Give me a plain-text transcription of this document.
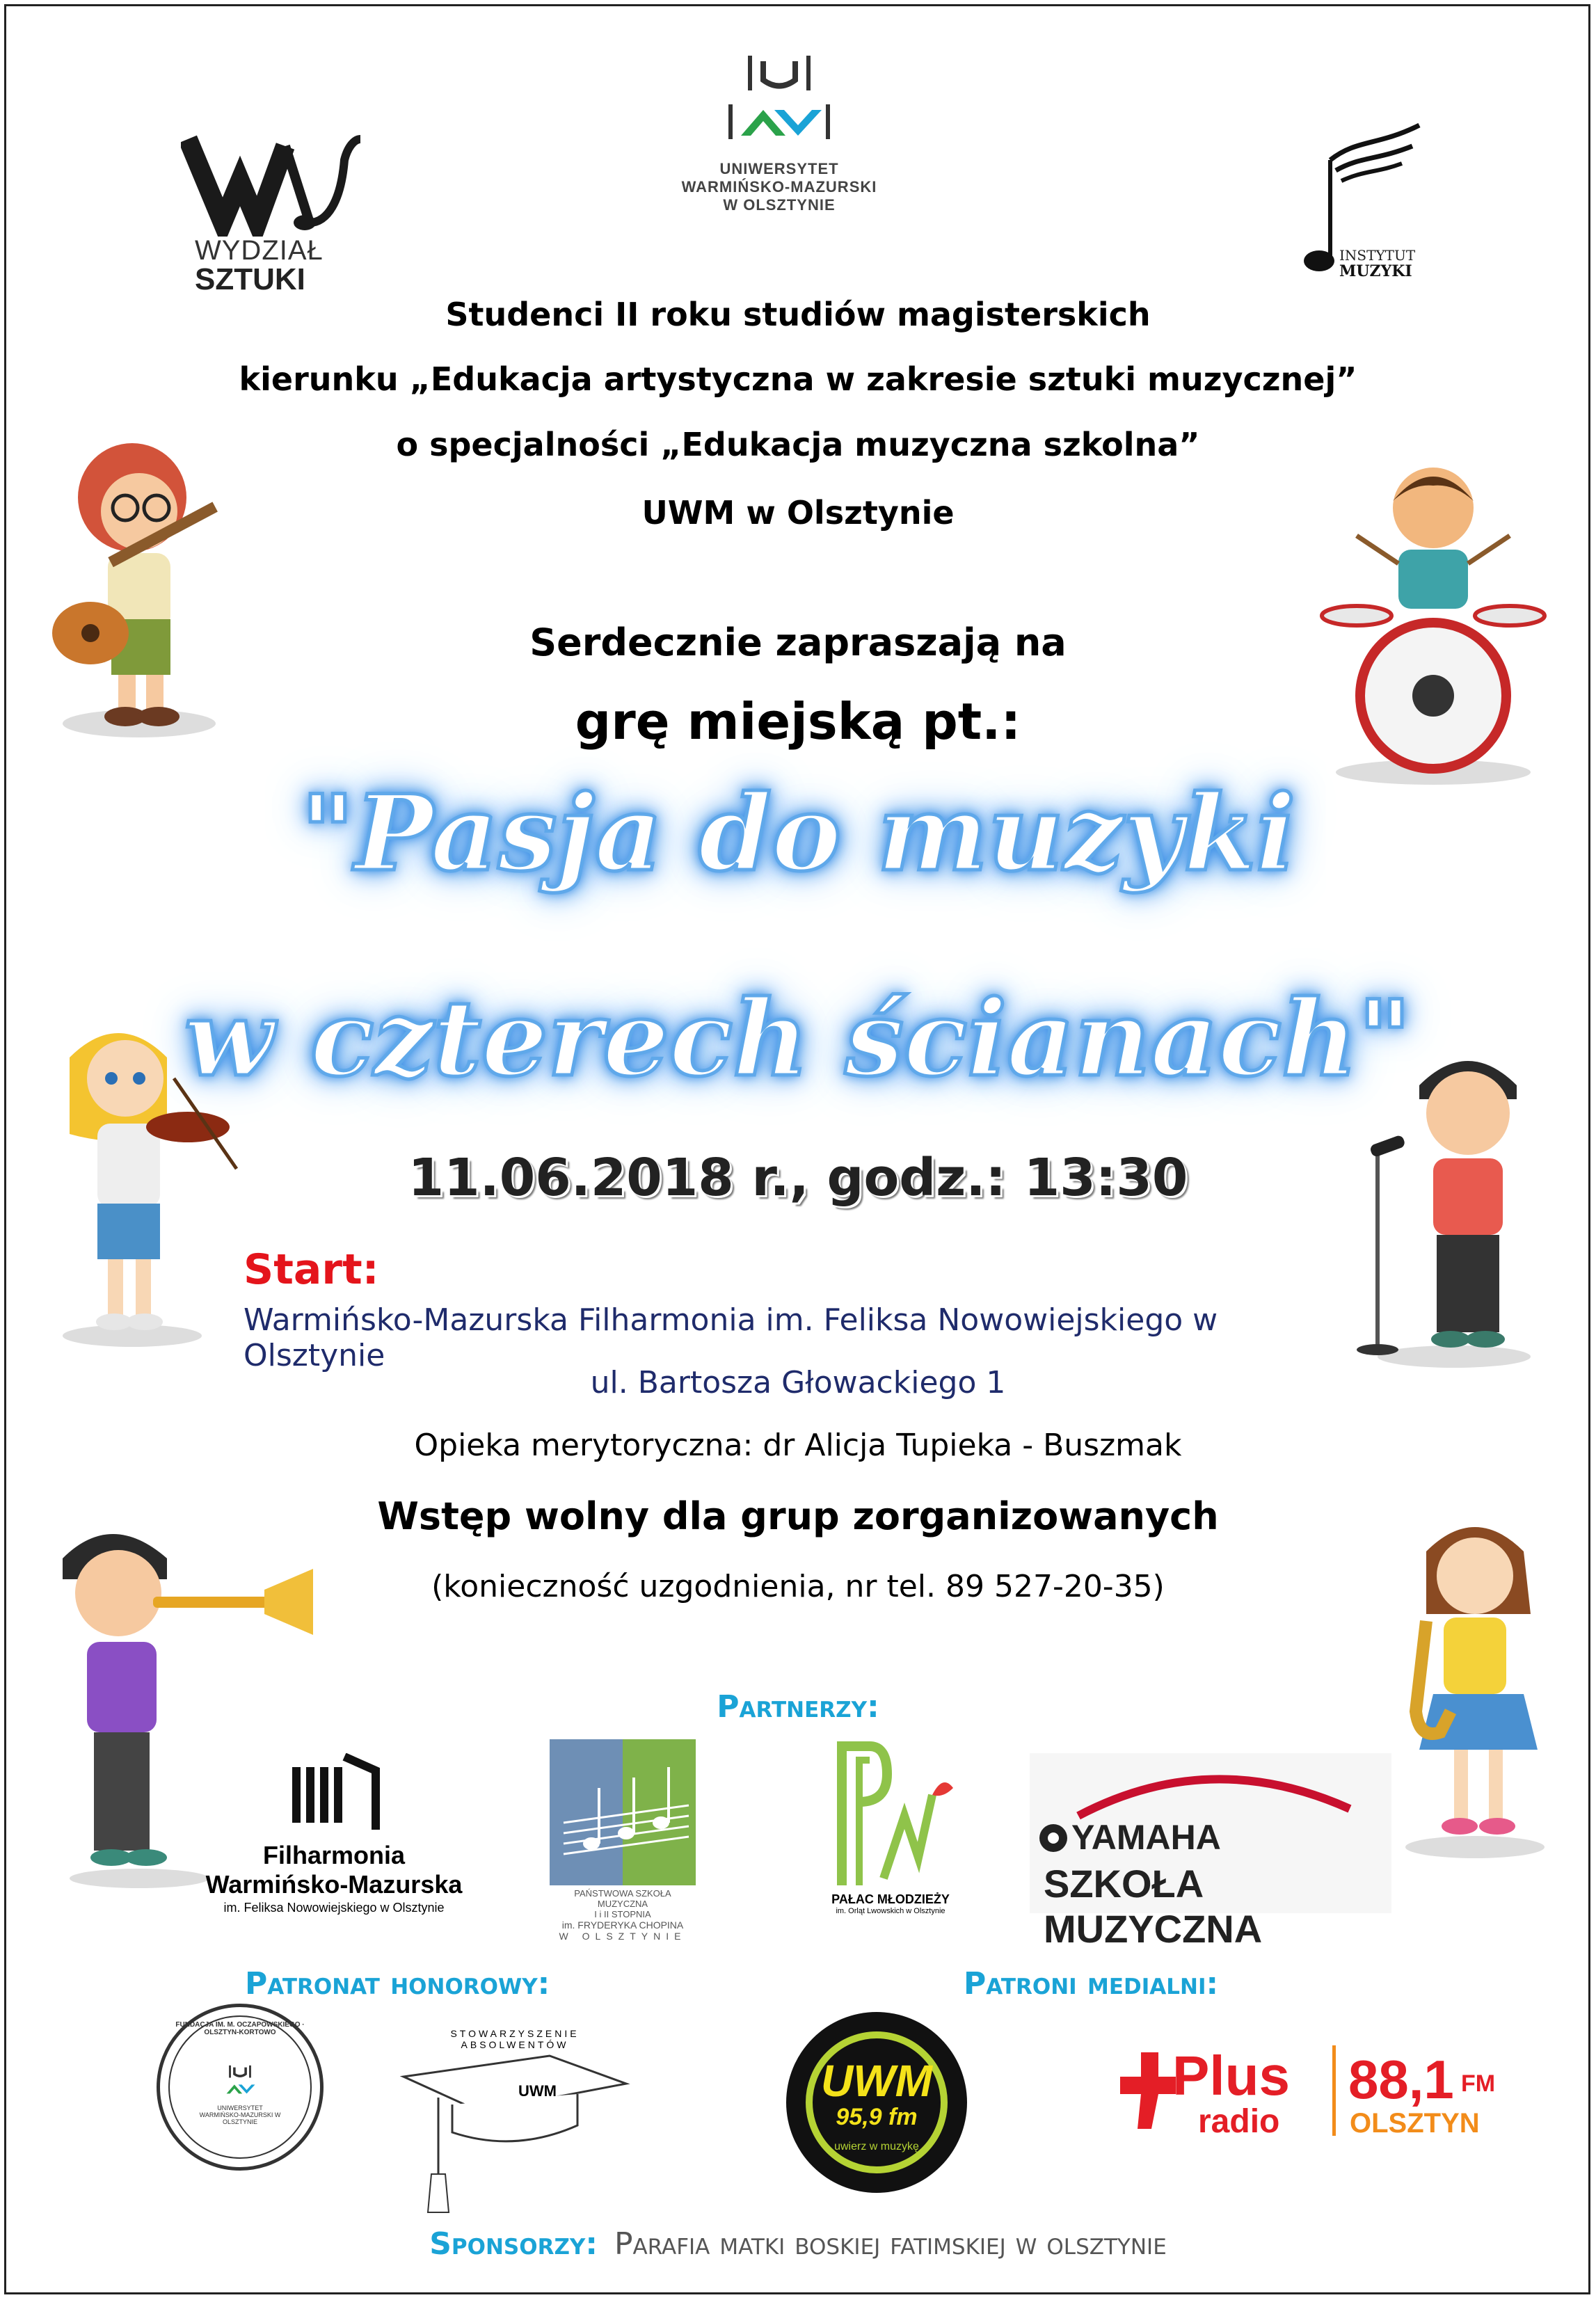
WYDZIAŁ
SZTUKI
UNIWERSYTET
WARMIŃSKO-MAZURSKI
W OLSZTYNIE
INSTYTUT
MUZYKI
Studenci II roku studiów magisterskich
kierunku „Edukacja artystyczna w zakresie sztuki muzycznej”
o specjalności „Edukacja muzyczna szkolna”
UWM w Olsztynie
Serdecznie zapraszają na
grę miejską pt.:
"Pasja do muzyki
w czterech ścianach"
11.06.2018 r., godz.: 13:30
Start:
Warmińsko-Mazurska Filharmonia im. Feliksa Nowowiejskiego w Olsztynie
ul. Bartosza Głowackiego 1
Opieka merytoryczna: dr Alicja Tupieka - Buszmak
Wstęp wolny dla grup zorganizowanych
(konieczność uzgodnienia, nr tel. 89 527-20-35)
Partnerzy:
Filharmonia
Warmińsko-Mazurska
im. Feliksa Nowowiejskiego w Olsztynie
PAŃSTWOWA SZKOŁA MUZYCZNA
I i II STOPNIA
im. FRYDERYKA CHOPINA
W OLSZTYNIE
PAŁAC MŁODZIEŻY
im. Orląt Lwowskich w Olsztynie
YAMAHA
SZKOŁA MUZYCZNA
Patronat honorowy:
FUNDACJA IM. M. OCZAPOWSKIEGO · OLSZTYN-KORTOWO
UNIWERSYTET WARMIŃSKO-MAZURSKI W OLSZTYNIE
STOWARZYSZENIE ABSOLWENTÓW
UWM
Patroni medialni:
UWM
95,9 fm
uwierz w muzykę
Plus
radio
88,1 FM
OLSZTYN
Sponsorzy: Parafia matki boskiej fatimskiej w olsztynie
